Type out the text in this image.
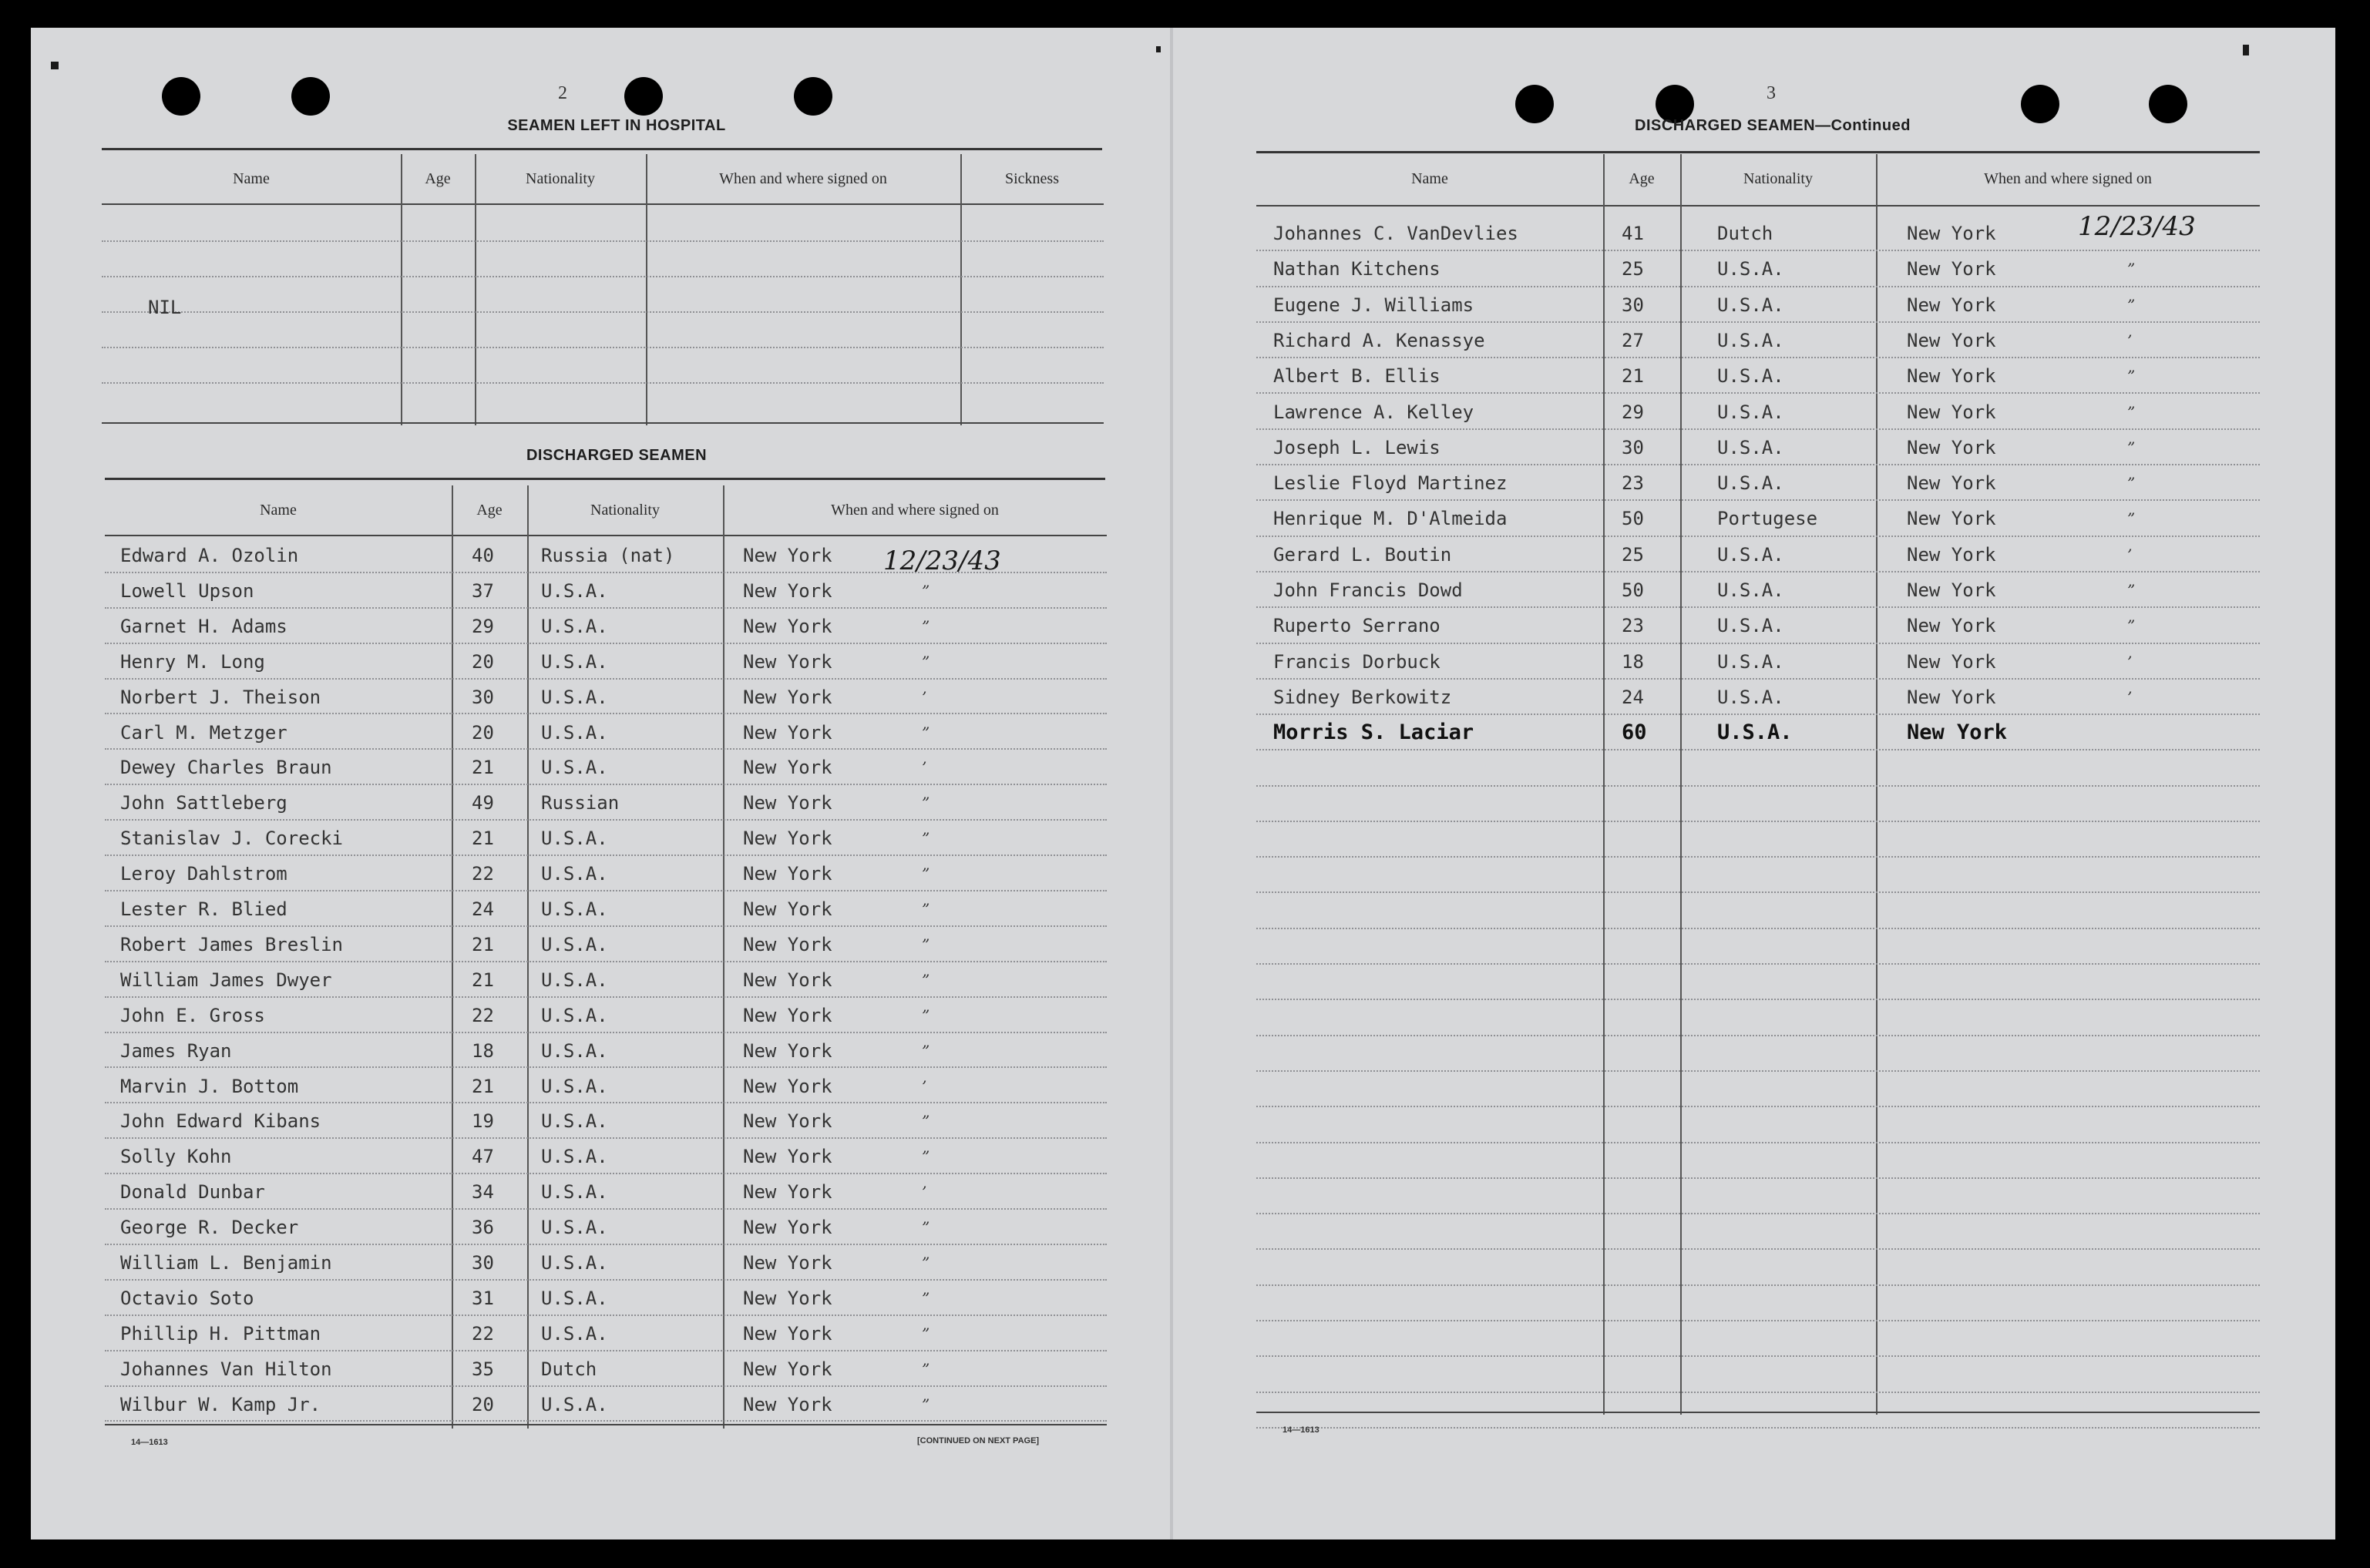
2
SEAMEN LEFT IN HOSPITAL
Name	Age	Nationality	When and where signed on	Sickness
NIL
DISCHARGED SEAMEN
Name	Age	Nationality	When and where signed on
12/23/43
Edward A. Ozolin	40	Russia (nat)	New York
Lowell Upson	37	U.S.A.	New York	”
Garnet H. Adams	29	U.S.A.	New York	”
Henry M. Long	20	U.S.A.	New York	”
Norbert J. Theison	30	U.S.A.	New York	’
Carl M. Metzger	20	U.S.A.	New York	”
Dewey Charles Braun	21	U.S.A.	New York	’
John Sattleberg	49	Russian	New York	”
Stanislav J. Corecki	21	U.S.A.	New York	”
Leroy Dahlstrom	22	U.S.A.	New York	”
Lester R. Blied	24	U.S.A.	New York	”
Robert James Breslin	21	U.S.A.	New York	”
William James Dwyer	21	U.S.A.	New York	”
John E. Gross	22	U.S.A.	New York	”
James Ryan	18	U.S.A.	New York	”
Marvin J. Bottom	21	U.S.A.	New York	’
John Edward Kibans	19	U.S.A.	New York	”
Solly Kohn	47	U.S.A.	New York	”
Donald Dunbar	34	U.S.A.	New York	’
George R. Decker	36	U.S.A.	New York	”
William L. Benjamin	30	U.S.A.	New York	”
Octavio Soto	31	U.S.A.	New York	”
Phillip H. Pittman	22	U.S.A.	New York	”
Johannes Van Hilton	35	Dutch	New York	”
Wilbur W. Kamp Jr.	20	U.S.A.	New York	”
14—1613	[CONTINUED ON NEXT PAGE]
3
DISCHARGED SEAMEN—Continued
Name	Age	Nationality	When and where signed on
12/23/43
Johannes C. VanDevlies	41	Dutch	New York
Nathan Kitchens	25	U.S.A.	New York	”
Eugene J. Williams	30	U.S.A.	New York	”
Richard A. Kenassye	27	U.S.A.	New York	’
Albert B. Ellis	21	U.S.A.	New York	”
Lawrence A. Kelley	29	U.S.A.	New York	”
Joseph L. Lewis	30	U.S.A.	New York	”
Leslie Floyd Martinez	23	U.S.A.	New York	”
Henrique M. D'Almeida	50	Portugese	New York	”
Gerard L. Boutin	25	U.S.A.	New York	’
John Francis Dowd	50	U.S.A.	New York	”
Ruperto Serrano	23	U.S.A.	New York	”
Francis Dorbuck	18	U.S.A.	New York	’
Sidney Berkowitz	24	U.S.A.	New York	’
Morris S. Laciar	60	U.S.A.	New York
14—1613
